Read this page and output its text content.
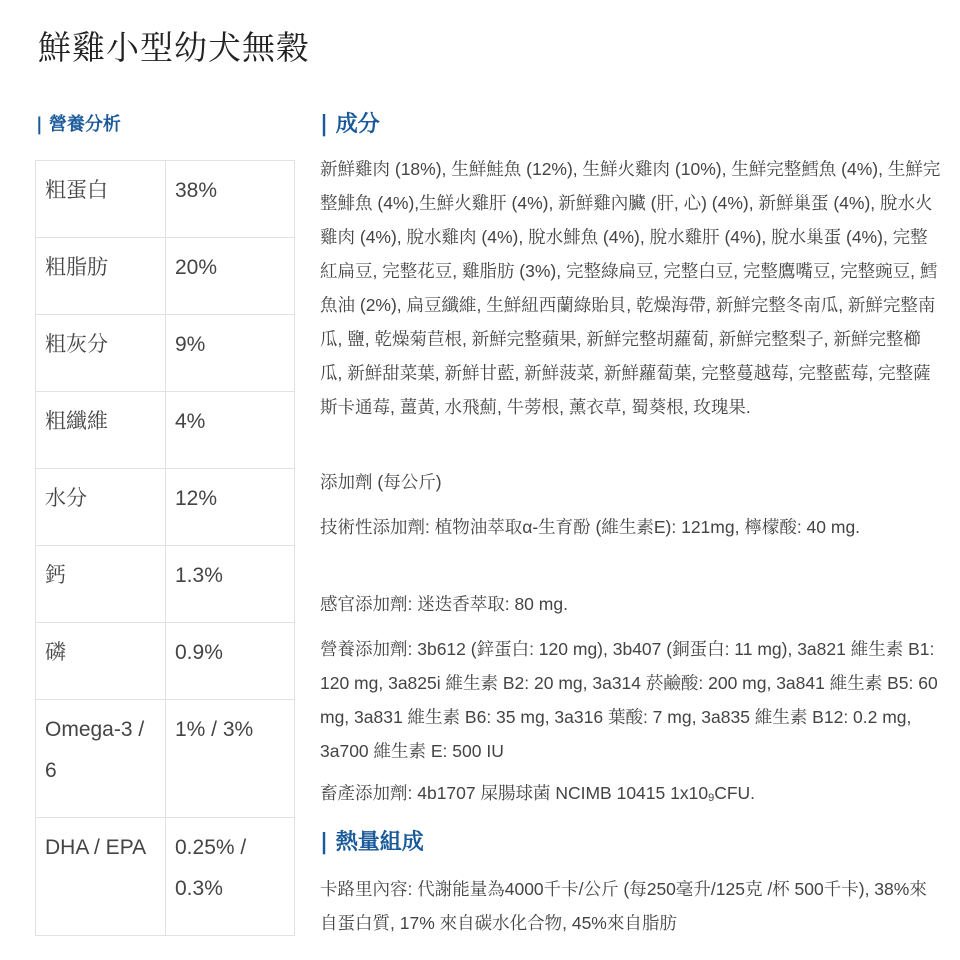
鮮雞小型幼犬無穀
| 營養分析
粗蛋白	38%
粗脂肪	20%
粗灰分	9%
粗纖維	4%
水分	12%
鈣	1.3%
磷	0.9%
Omega-3 / 6	1% / 3%
DHA / EPA	0.25% / 0.3%
| 成分
新鮮雞肉 (18%), 生鮮鮭魚 (12%), 生鮮火雞肉 (10%), 生鮮完整鱈魚 (4%), 生鮮完整鯡魚 (4%),生鮮火雞肝 (4%), 新鮮雞內臟 (肝, 心) (4%), 新鮮巢蛋 (4%), 脫水火雞肉 (4%), 脫水雞肉 (4%), 脫水鯡魚 (4%), 脫水雞肝 (4%), 脫水巢蛋 (4%), 完整紅扁豆, 完整花豆, 雞脂肪 (3%), 完整綠扁豆, 完整白豆, 完整鷹嘴豆, 完整豌豆, 鱈魚油 (2%), 扁豆纖維, 生鮮紐西蘭綠貽貝, 乾燥海帶, 新鮮完整冬南瓜, 新鮮完整南瓜, 鹽, 乾燥菊苣根, 新鮮完整蘋果, 新鮮完整胡蘿蔔, 新鮮完整梨子, 新鮮完整櫛瓜, 新鮮甜菜葉, 新鮮甘藍, 新鮮菠菜, 新鮮蘿蔔葉, 完整蔓越莓, 完整藍莓, 完整薩斯卡通莓, 薑黃, 水飛薊, 牛蒡根, 薰衣草, 蜀葵根, 玫瑰果.
添加劑 (每公斤)
技術性添加劑: 植物油萃取α-生育酚 (維生素E): 121mg, 檸檬酸: 40 mg.
感官添加劑: 迷迭香萃取: 80 mg.
營養添加劑: 3b612 (鋅蛋白: 120 mg), 3b407 (銅蛋白: 11 mg), 3a821 維生素 B1: 120 mg, 3a825i 維生素 B2: 20 mg, 3a314 菸鹼酸: 200 mg, 3a841 維生素 B5: 60 mg, 3a831 維生素 B6: 35 mg, 3a316 葉酸: 7 mg, 3a835 維生素 B12: 0.2 mg, 3a700 維生素 E: 500 IU
畜產添加劑: 4b1707 屎腸球菌 NCIMB 10415 $1x10_9CFU$.
| 熱量組成
卡路里內容: 代謝能量為4000千卡/公斤 (每250毫升/125克 /杯 500千卡), 38%來自蛋白質, 17% 來自碳水化合物, 45%來自脂肪
